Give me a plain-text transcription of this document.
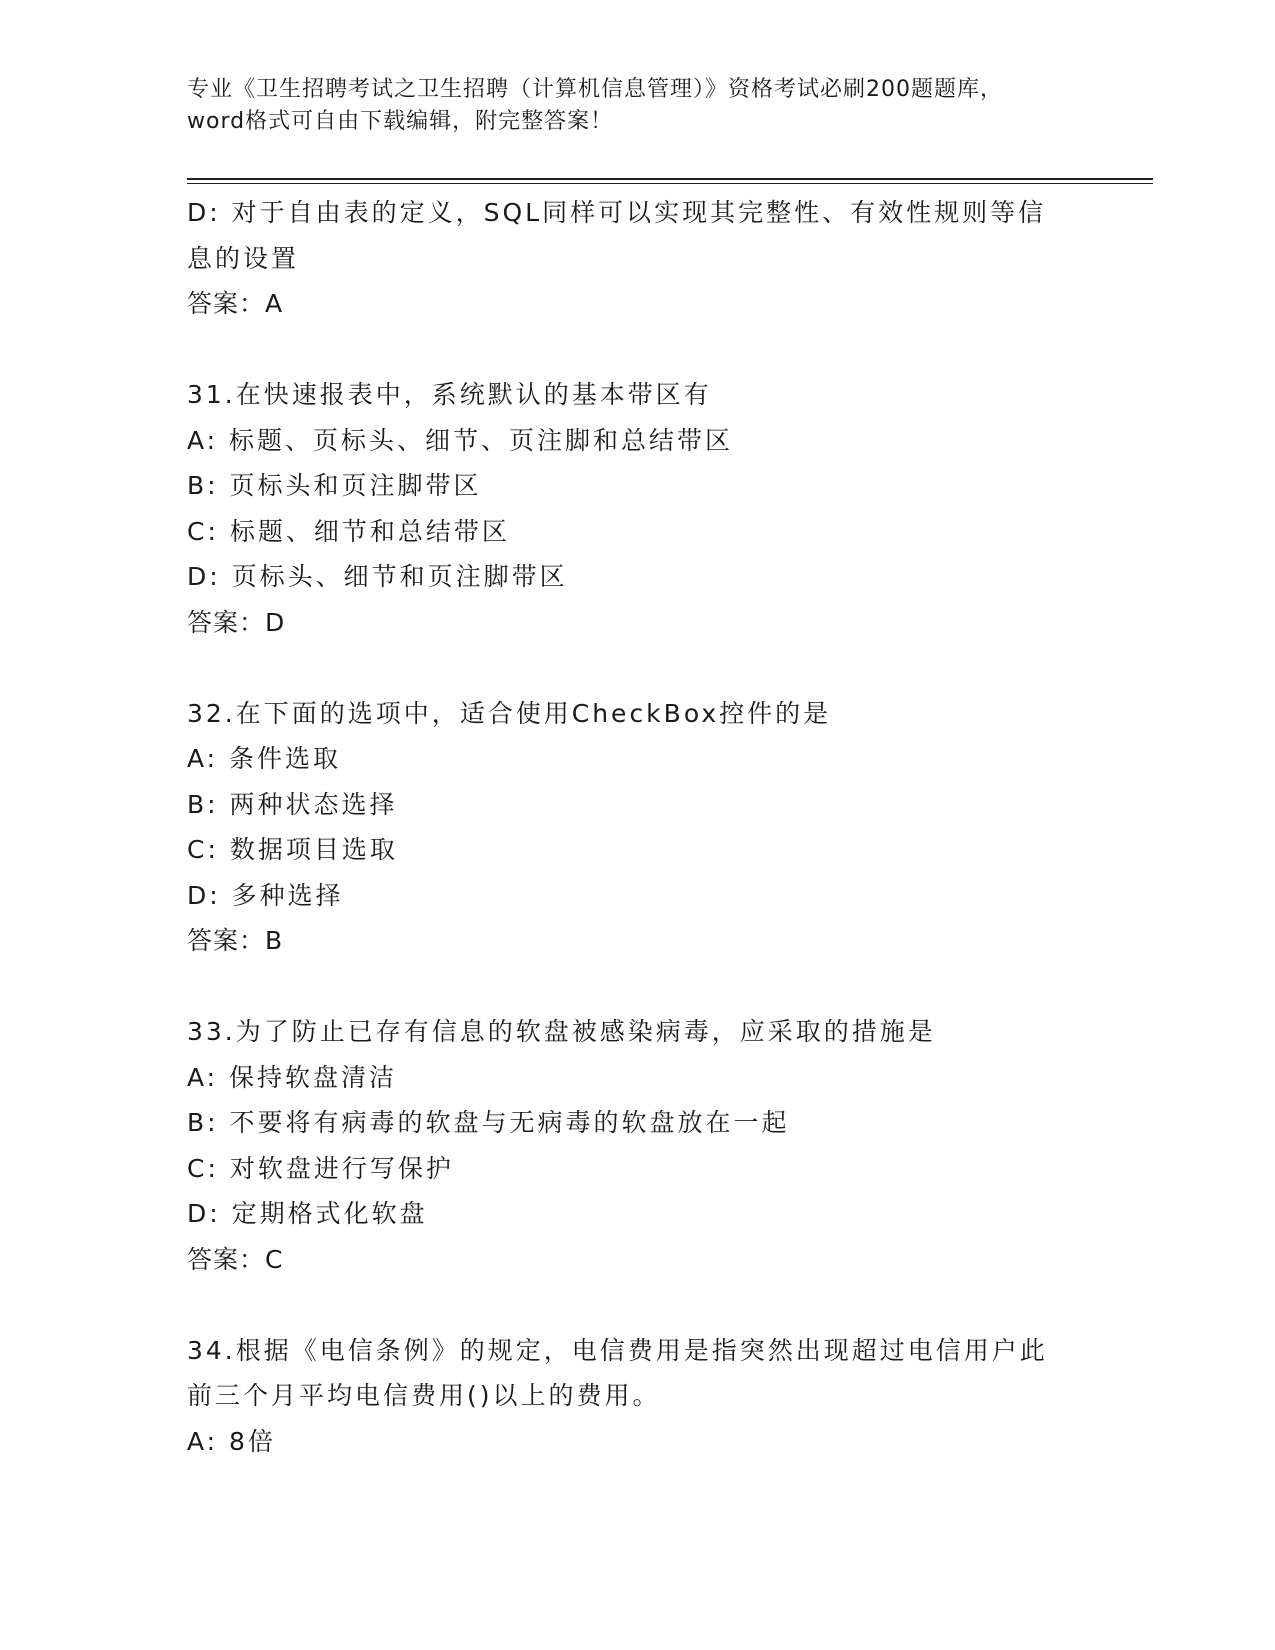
专业《卫生招聘考试之卫生招聘（计算机信息管理）》资格考试必刷200题题库，
word格式可自由下载编辑，附完整答案！
D: 对于自由表的定义，SQL同样可以实现其完整性、有效性规则等信
息的设置
答案：A
31.在快速报表中，系统默认的基本带区有
A: 标题、页标头、细节、页注脚和总结带区
B: 页标头和页注脚带区
C: 标题、细节和总结带区
D: 页标头、细节和页注脚带区
答案：D
32.在下面的选项中，适合使用CheckBox控件的是
A: 条件选取
B: 两种状态选择
C: 数据项目选取
D: 多种选择
答案：B
33.为了防止已存有信息的软盘被感染病毒，应采取的措施是
A: 保持软盘清洁
B: 不要将有病毒的软盘与无病毒的软盘放在一起
C: 对软盘进行写保护
D: 定期格式化软盘
答案：C
34.根据《电信条例》的规定，电信费用是指突然出现超过电信用户此
前三个月平均电信费用()以上的费用。
A: 8倍
